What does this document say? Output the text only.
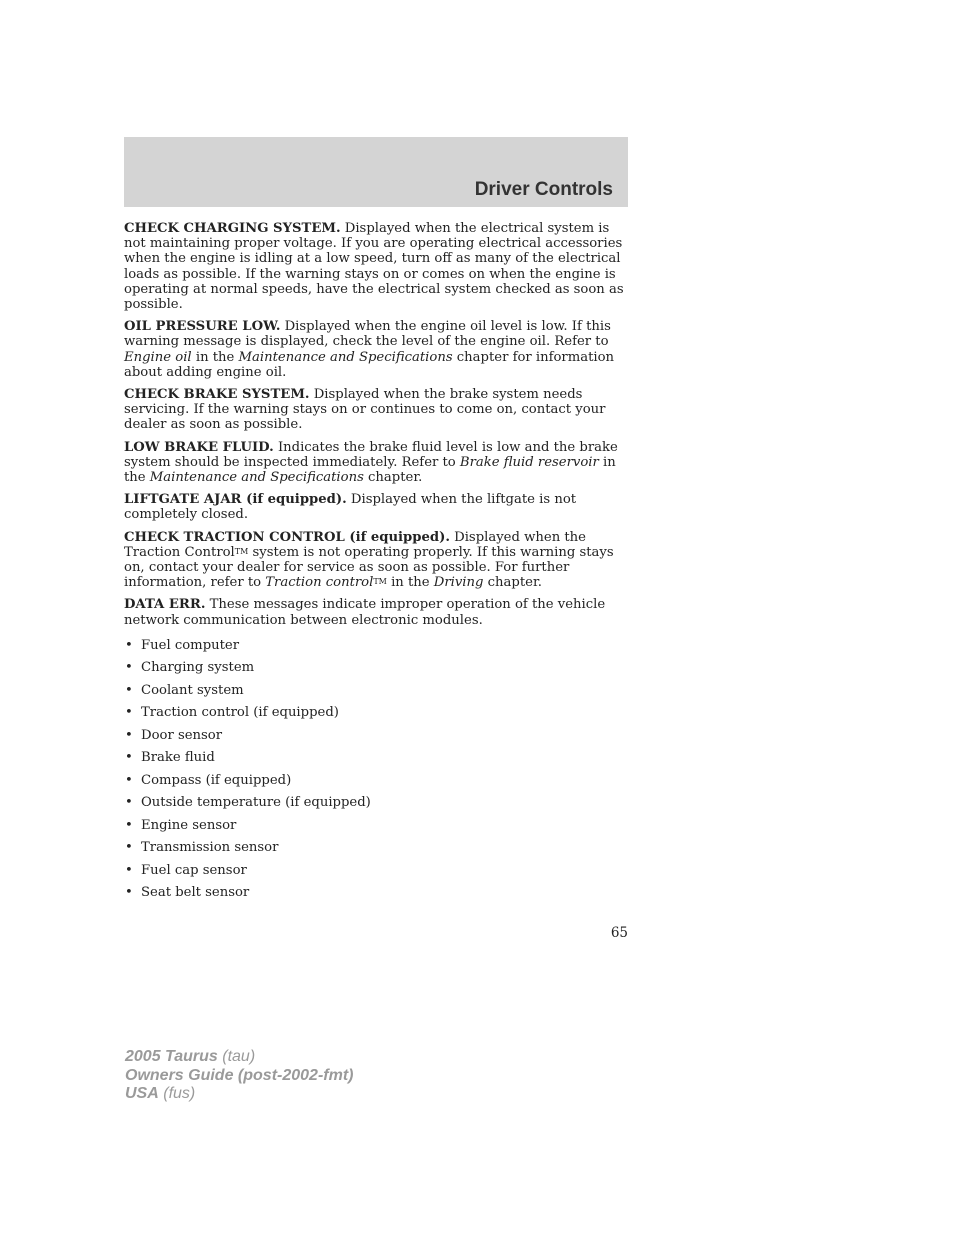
Driver Controls

CHECK CHARGING SYSTEM. Displayed when the electrical system is not maintaining proper voltage. If you are operating electrical accessories when the engine is idling at a low speed, turn off as many of the electrical loads as possible. If the warning stays on or comes on when the engine is operating at normal speeds, have the electrical system checked as soon as possible.

OIL PRESSURE LOW. Displayed when the engine oil level is low. If this warning message is displayed, check the level of the engine oil. Refer to Engine oil in the Maintenance and Specifications chapter for information about adding engine oil.

CHECK BRAKE SYSTEM. Displayed when the brake system needs servicing. If the warning stays on or continues to come on, contact your dealer as soon as possible.

LOW BRAKE FLUID. Indicates the brake fluid level is low and the brake system should be inspected immediately. Refer to Brake fluid reservoir in the Maintenance and Specifications chapter.

LIFTGATE AJAR (if equipped). Displayed when the liftgate is not completely closed.

CHECK TRACTION CONTROL (if equipped). Displayed when the Traction Control™ system is not operating properly. If this warning stays on, contact your dealer for service as soon as possible. For further information, refer to Traction control™ in the Driving chapter.

DATA ERR. These messages indicate improper operation of the vehicle network communication between electronic modules.

• Fuel computer
• Charging system
• Coolant system
• Traction control (if equipped)
• Door sensor
• Brake fluid
• Compass (if equipped)
• Outside temperature (if equipped)
• Engine sensor
• Transmission sensor
• Fuel cap sensor
• Seat belt sensor
65
2005 Taurus (tau)
Owners Guide (post-2002-fmt)
USA (fus)
